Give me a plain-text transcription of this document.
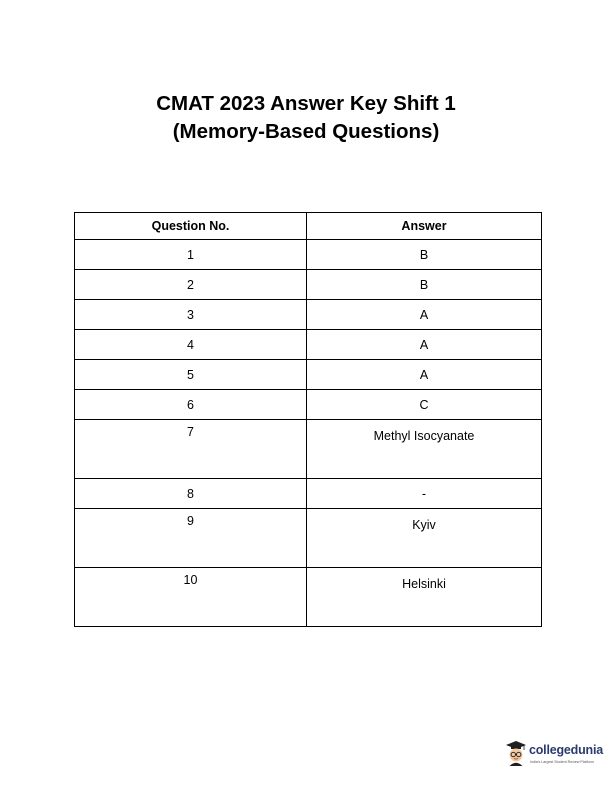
CMAT 2023 Answer Key Shift 1
(Memory-Based Questions)
Question No.	Answer
1	B
2	B
3	A
4	A
5	A
6	C
7	Methyl Isocyanate
8	-
9	Kyiv
10	Helsinki
collegedunia
India's Largest Student Review Platform
